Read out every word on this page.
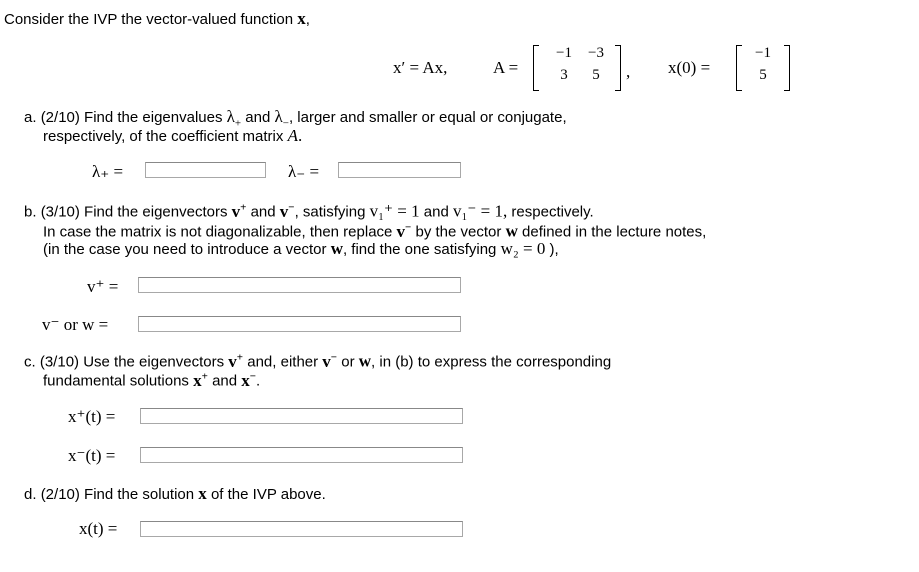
Consider the IVP the vector-valued function x,
x′ = Ax,	A =
−1	−3
3	5	, x(0) =
−1
5
a. (2/10) Find the eigenvalues $\lambda_+$ and $\lambda_-$, larger and smaller or equal or conjugate,
respectively, of the coefficient matrix A.
λ₊ =	λ₋ =
b. (3/10) Find the eigenvectors v+ and v−, satisfying v₁⁺ = 1 and v₁⁻ = 1, respectively.
In case the matrix is not diagonalizable, then replace v− by the vector w defined in the lecture notes,
(in the case you need to introduce a vector w, find the one satisfying w₂ = 0 ),
v⁺ =
v⁻ or w =
c. (3/10) Use the eigenvectors v+ and, either v− or w, in (b) to express the corresponding
fundamental solutions x+ and x−.
x⁺(t) =
x⁻(t) =
d. (2/10) Find the solution x of the IVP above.
x(t) =
